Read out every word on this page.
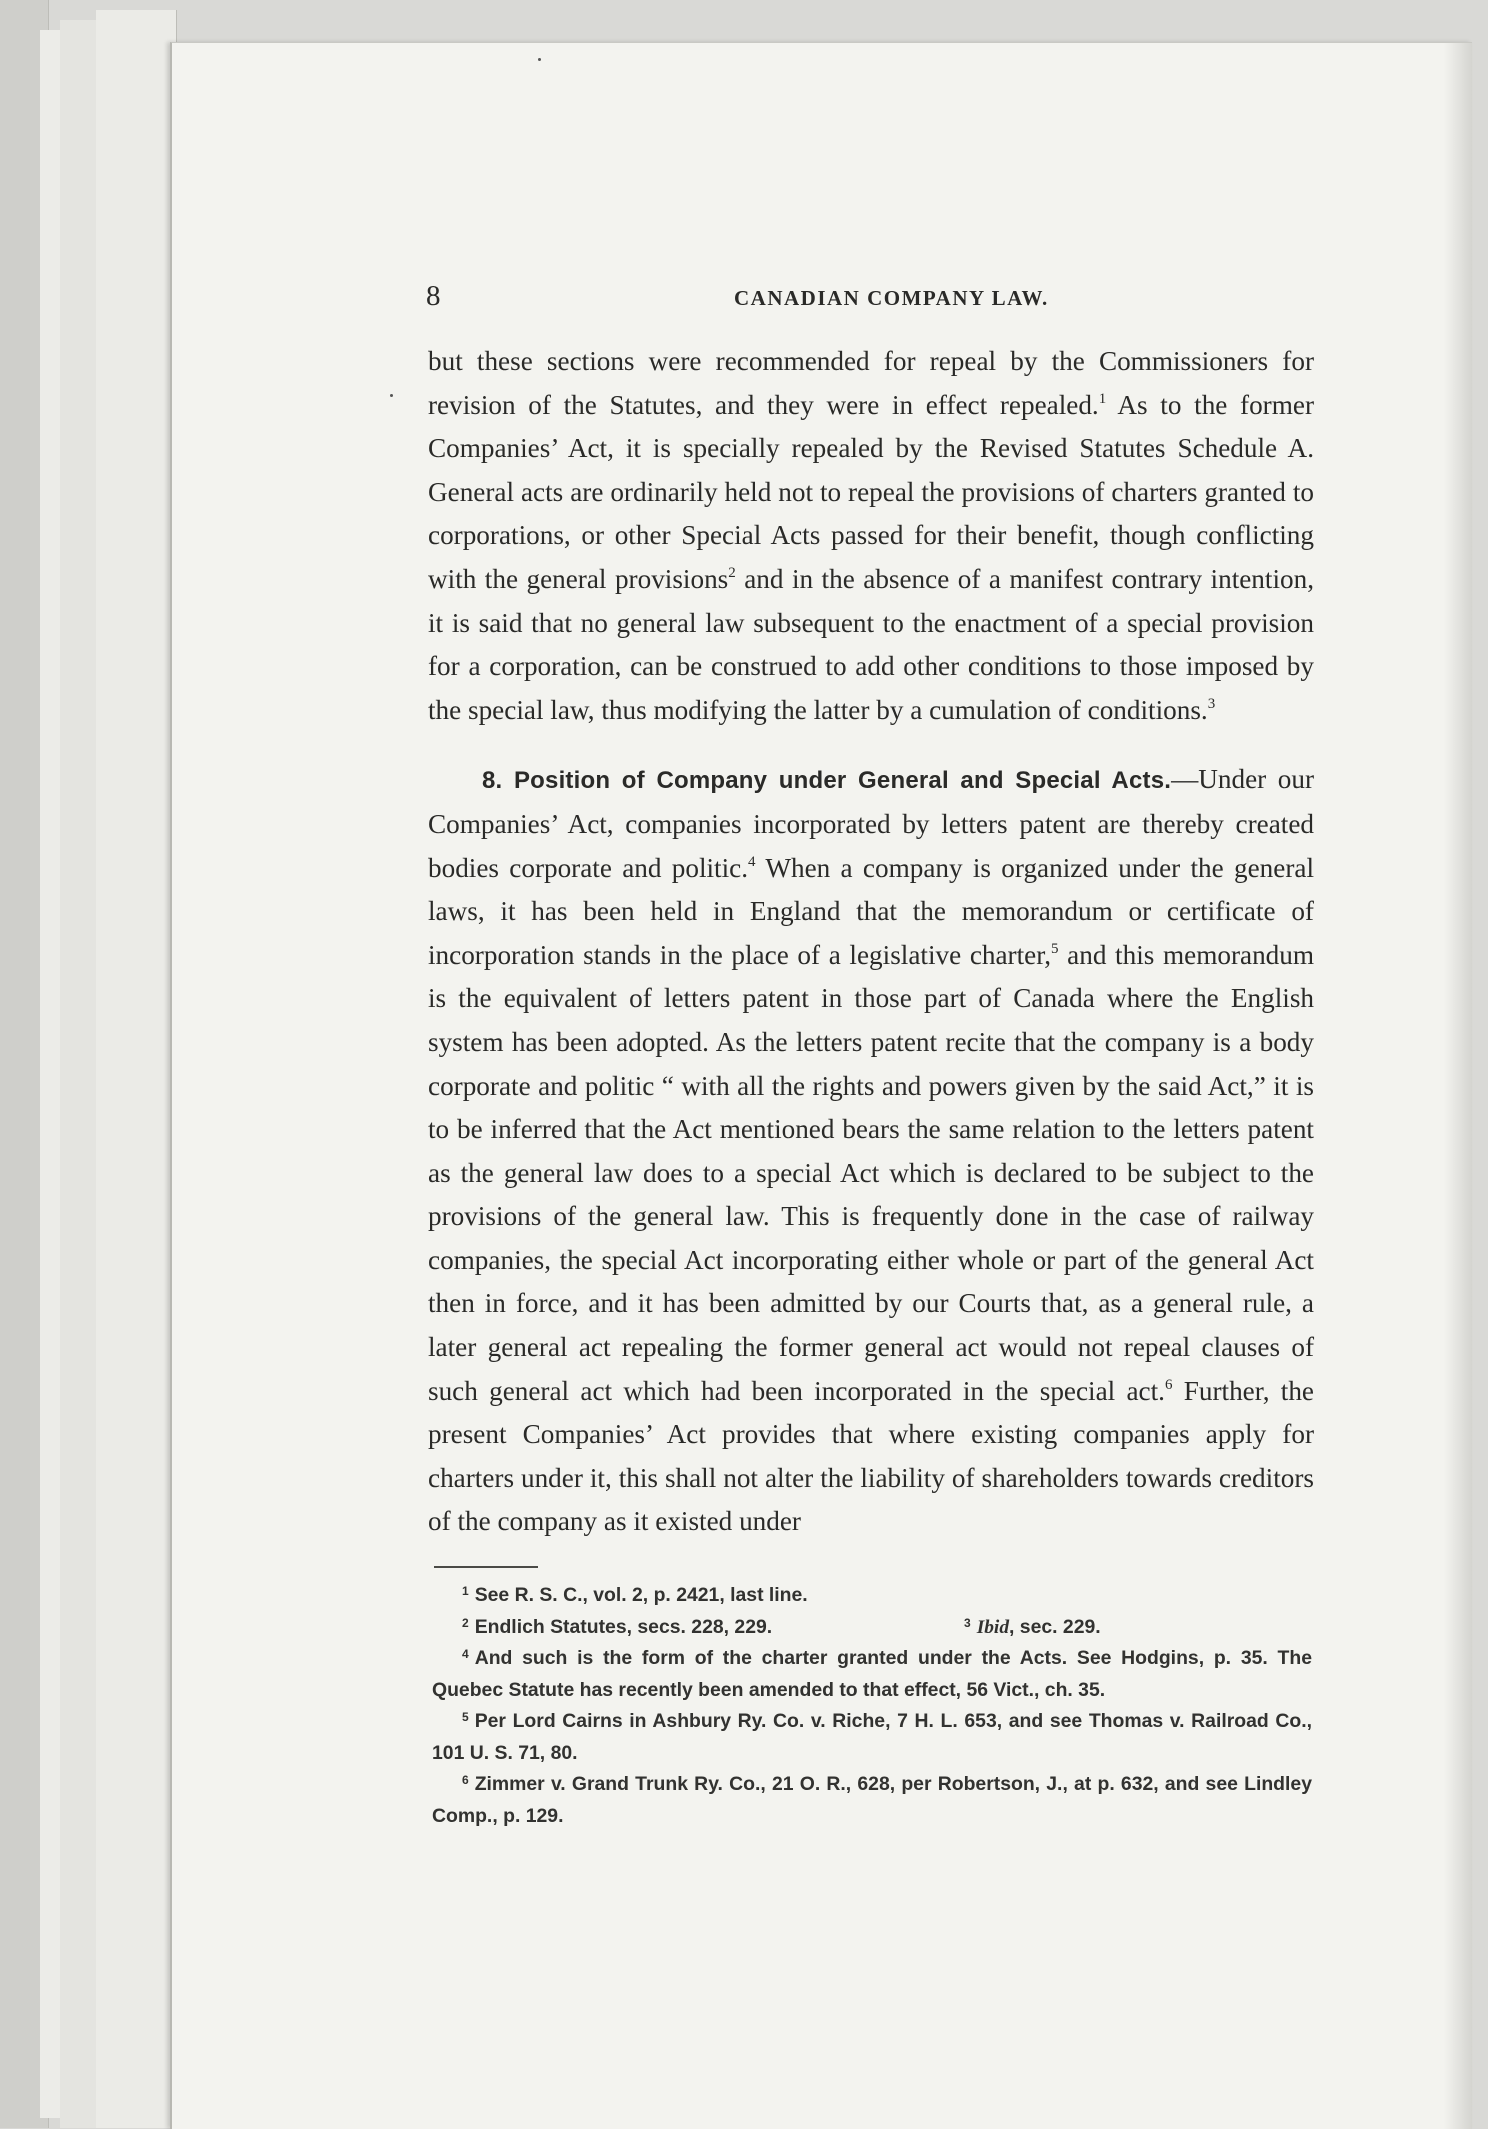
8	CANADIAN COMPANY LAW.

but these sections were recommended for repeal by the Commissioners for revision of the Statutes, and they were in effect repealed.$^1$ As to the former Companies’ Act, it is specially repealed by the Revised Statutes Schedule A. General acts are ordinarily held not to repeal the provisions of charters granted to corporations, or other Special Acts passed for their benefit, though conflicting with the general provisions$^2$ and in the absence of a manifest contrary intention, it is said that no general law subsequent to the enactment of a special provision for a corporation, can be construed to add other conditions to those imposed by the special law, thus modifying the latter by a cumulation of conditions.$^3$

8. Position of Company under General and Special Acts.—Under our Companies’ Act, companies incorporated by letters patent are thereby created bodies corporate and politic.$^4$ When a company is organized under the general laws, it has been held in England that the memorandum or certificate of incorporation stands in the place of a legislative charter,$^5$ and this memorandum is the equivalent of letters patent in those part of Canada where the English system has been adopted. As the letters patent recite that the company is a body corporate and politic “ with all the rights and powers given by the said Act,” it is to be inferred that the Act mentioned bears the same relation to the letters patent as the general law does to a special Act which is declared to be subject to the provisions of the general law. This is frequently done in the case of railway companies, the special Act incorporating either whole or part of the general Act then in force, and it has been admitted by our Courts that, as a general rule, a later general act repealing the former general act would not repeal clauses of such general act which had been incorporated in the special act.$^6$ Further, the present Companies’ Act provides that where existing companies apply for charters under it, this shall not alter the liability of shareholders towards creditors of the company as it existed under

$^1$ See R. S. C., vol. 2, p. 2421, last line.

$^2$ Endlich Statutes, secs. 228, 229.	$^3$ Ibid, sec. 229.

$^4$ And such is the form of the charter granted under the Acts. See Hodgins, p. 35. The Quebec Statute has recently been amended to that effect, 56 Vict., ch. 35.

$^5$ Per Lord Cairns in Ashbury Ry. Co. v. Riche, 7 H. L. 653, and see Thomas v. Railroad Co., 101 U. S. 71, 80.

$^6$ Zimmer v. Grand Trunk Ry. Co., 21 O. R., 628, per Robertson, J., at p. 632, and see Lindley Comp., p. 129.
